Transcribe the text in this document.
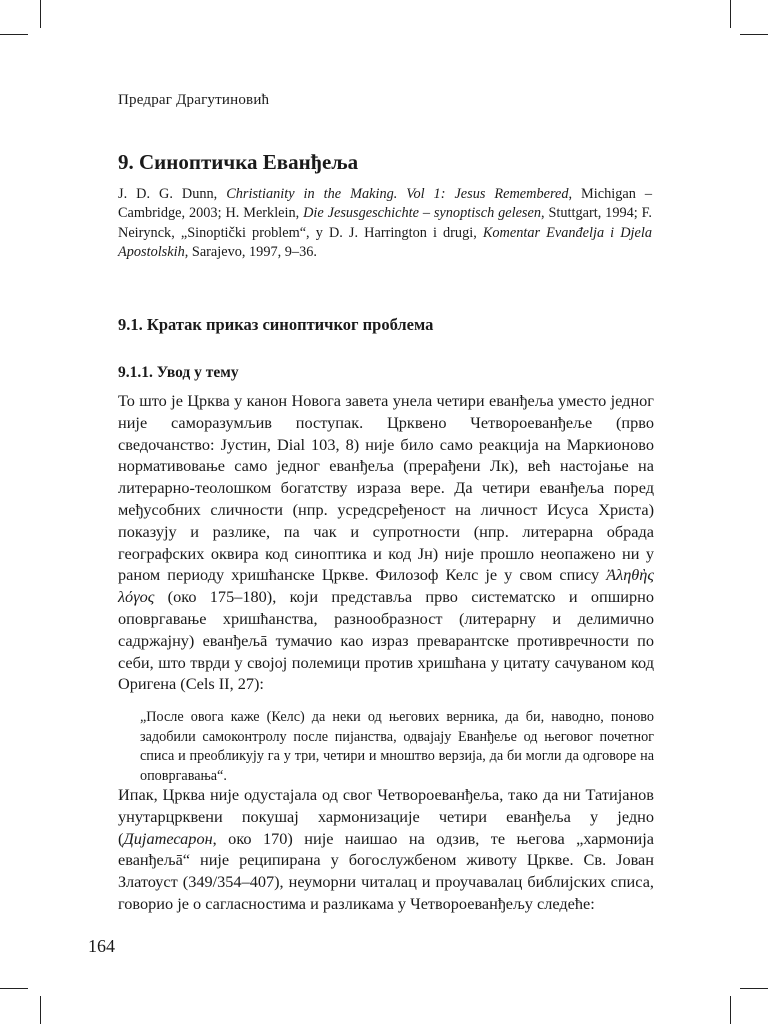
Предраг Драгутиновић
9. Синоптичка Еванђеља

J. D. G. Dunn, Christianity in the Making. Vol 1: Jesus Remembered, Michigan – Cambridge, 2003; H. Merklein, Die Jesusgeschichte – synoptisch gelesen, Stuttgart, 1994; F. Neirynck, „Sinoptički problem“, у D. J. Harrington i drugi, Komentar Evanđelja i Djela Apostolskih, Sarajevo, 1997, 9–36.

9.1. Кратак приказ синоптичког проблема
9.1.1. Увод у тему

То што је Црква у канон Новога завета унела четири еванђеља уместо једног није саморазумљив поступак. Црквено Четвороеванђеље (прво сведочанство: Јустин, Dial 103, 8) није било само реакција на Маркионово нормативовање само једног еванђеља (прерађени Лк), већ настојање на литерарно-теолошком богатству израза вере. Да четири еванђеља поред међусобних сличности (нпр. усредсређеност на личност Исуса Христа) показују и разлике, па чак и супротности (нпр. литерарна обрада географских оквира код синоптика и код Јн) није прошло неопажено ни у раном периоду хришћанске Цркве. Филозоф Келс је у свом спису Ἀληθὴς λόγος (око 175–180), који представља прво систематско и опширно оповргавање хришћанства, разнообразност (литерарну и делимично садржајну) еванђељā тумачио као израз преварантске противречности по себи, што тврди у својој полемици против хришћана у цитату сачуваном код Оригена (Cels II, 27):

„После овога каже (Келс) да неки од његових верника, да би, наводно, поново задобили самоконтролу после пијанства, одвајају Еванђеље од његовог почетног списа и преобликују га у три, четири и мноштво верзија, да би могли да одговоре на оповргавања“.

Ипак, Црква није одустајала од свог Четвороеванђеља, тако да ни Татијанов унутарцрквени покушај хармонизације четири еванђеља у једно (Дијатесарон, око 170) није наишао на одзив, те његова „хармонија еванђељā“ није реципирана у богослужбеном животу Цркве. Св. Јован Златоуст (349/354–407), неуморни читалац и проучавалац библијских списа, говорио је о сагласностима и разликама у Четвороеванђељу следеће:

164
